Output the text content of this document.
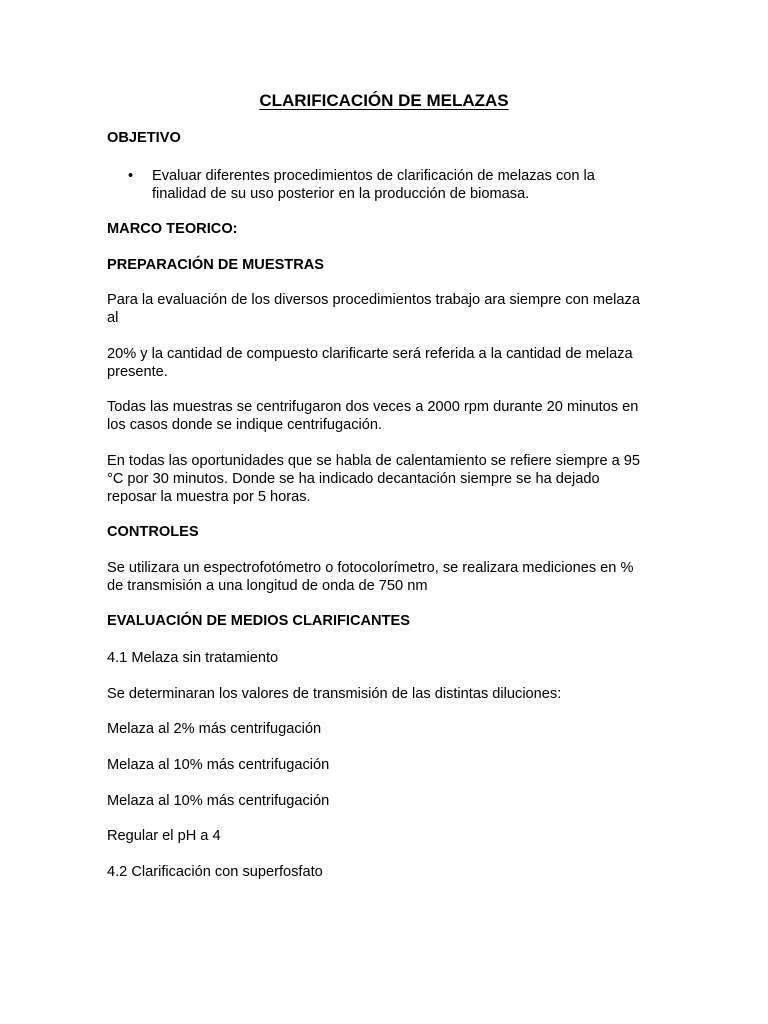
CLARIFICACIÓN DE MELAZAS
OBJETIVO
•	Evaluar diferentes procedimientos de clarificación de melazas con la
finalidad de su uso posterior en la producción de biomasa.
MARCO TEORICO:
PREPARACIÓN DE MUESTRAS
Para la evaluación de los diversos procedimientos trabajo ara siempre con melaza
al
20% y la cantidad de compuesto clarificarte será referida a la cantidad de melaza
presente.
Todas las muestras se centrifugaron dos veces a 2000 rpm durante 20 minutos en
los casos donde se indique centrifugación.
En todas las oportunidades que se habla de calentamiento se refiere siempre a 95
°C por 30 minutos. Donde se ha indicado decantación siempre se ha dejado
reposar la muestra por 5 horas.
CONTROLES
Se utilizara un espectrofotómetro o fotocolorímetro, se realizara mediciones en %
de transmisión a una longitud de onda de 750 nm
EVALUACIÓN DE MEDIOS CLARIFICANTES
4.1 Melaza sin tratamiento
Se determinaran los valores de transmisión de las distintas diluciones:
Melaza al 2% más centrifugación
Melaza al 10% más centrifugación
Melaza al 10% más centrifugación
Regular el pH a 4
4.2 Clarificación con superfosfato
